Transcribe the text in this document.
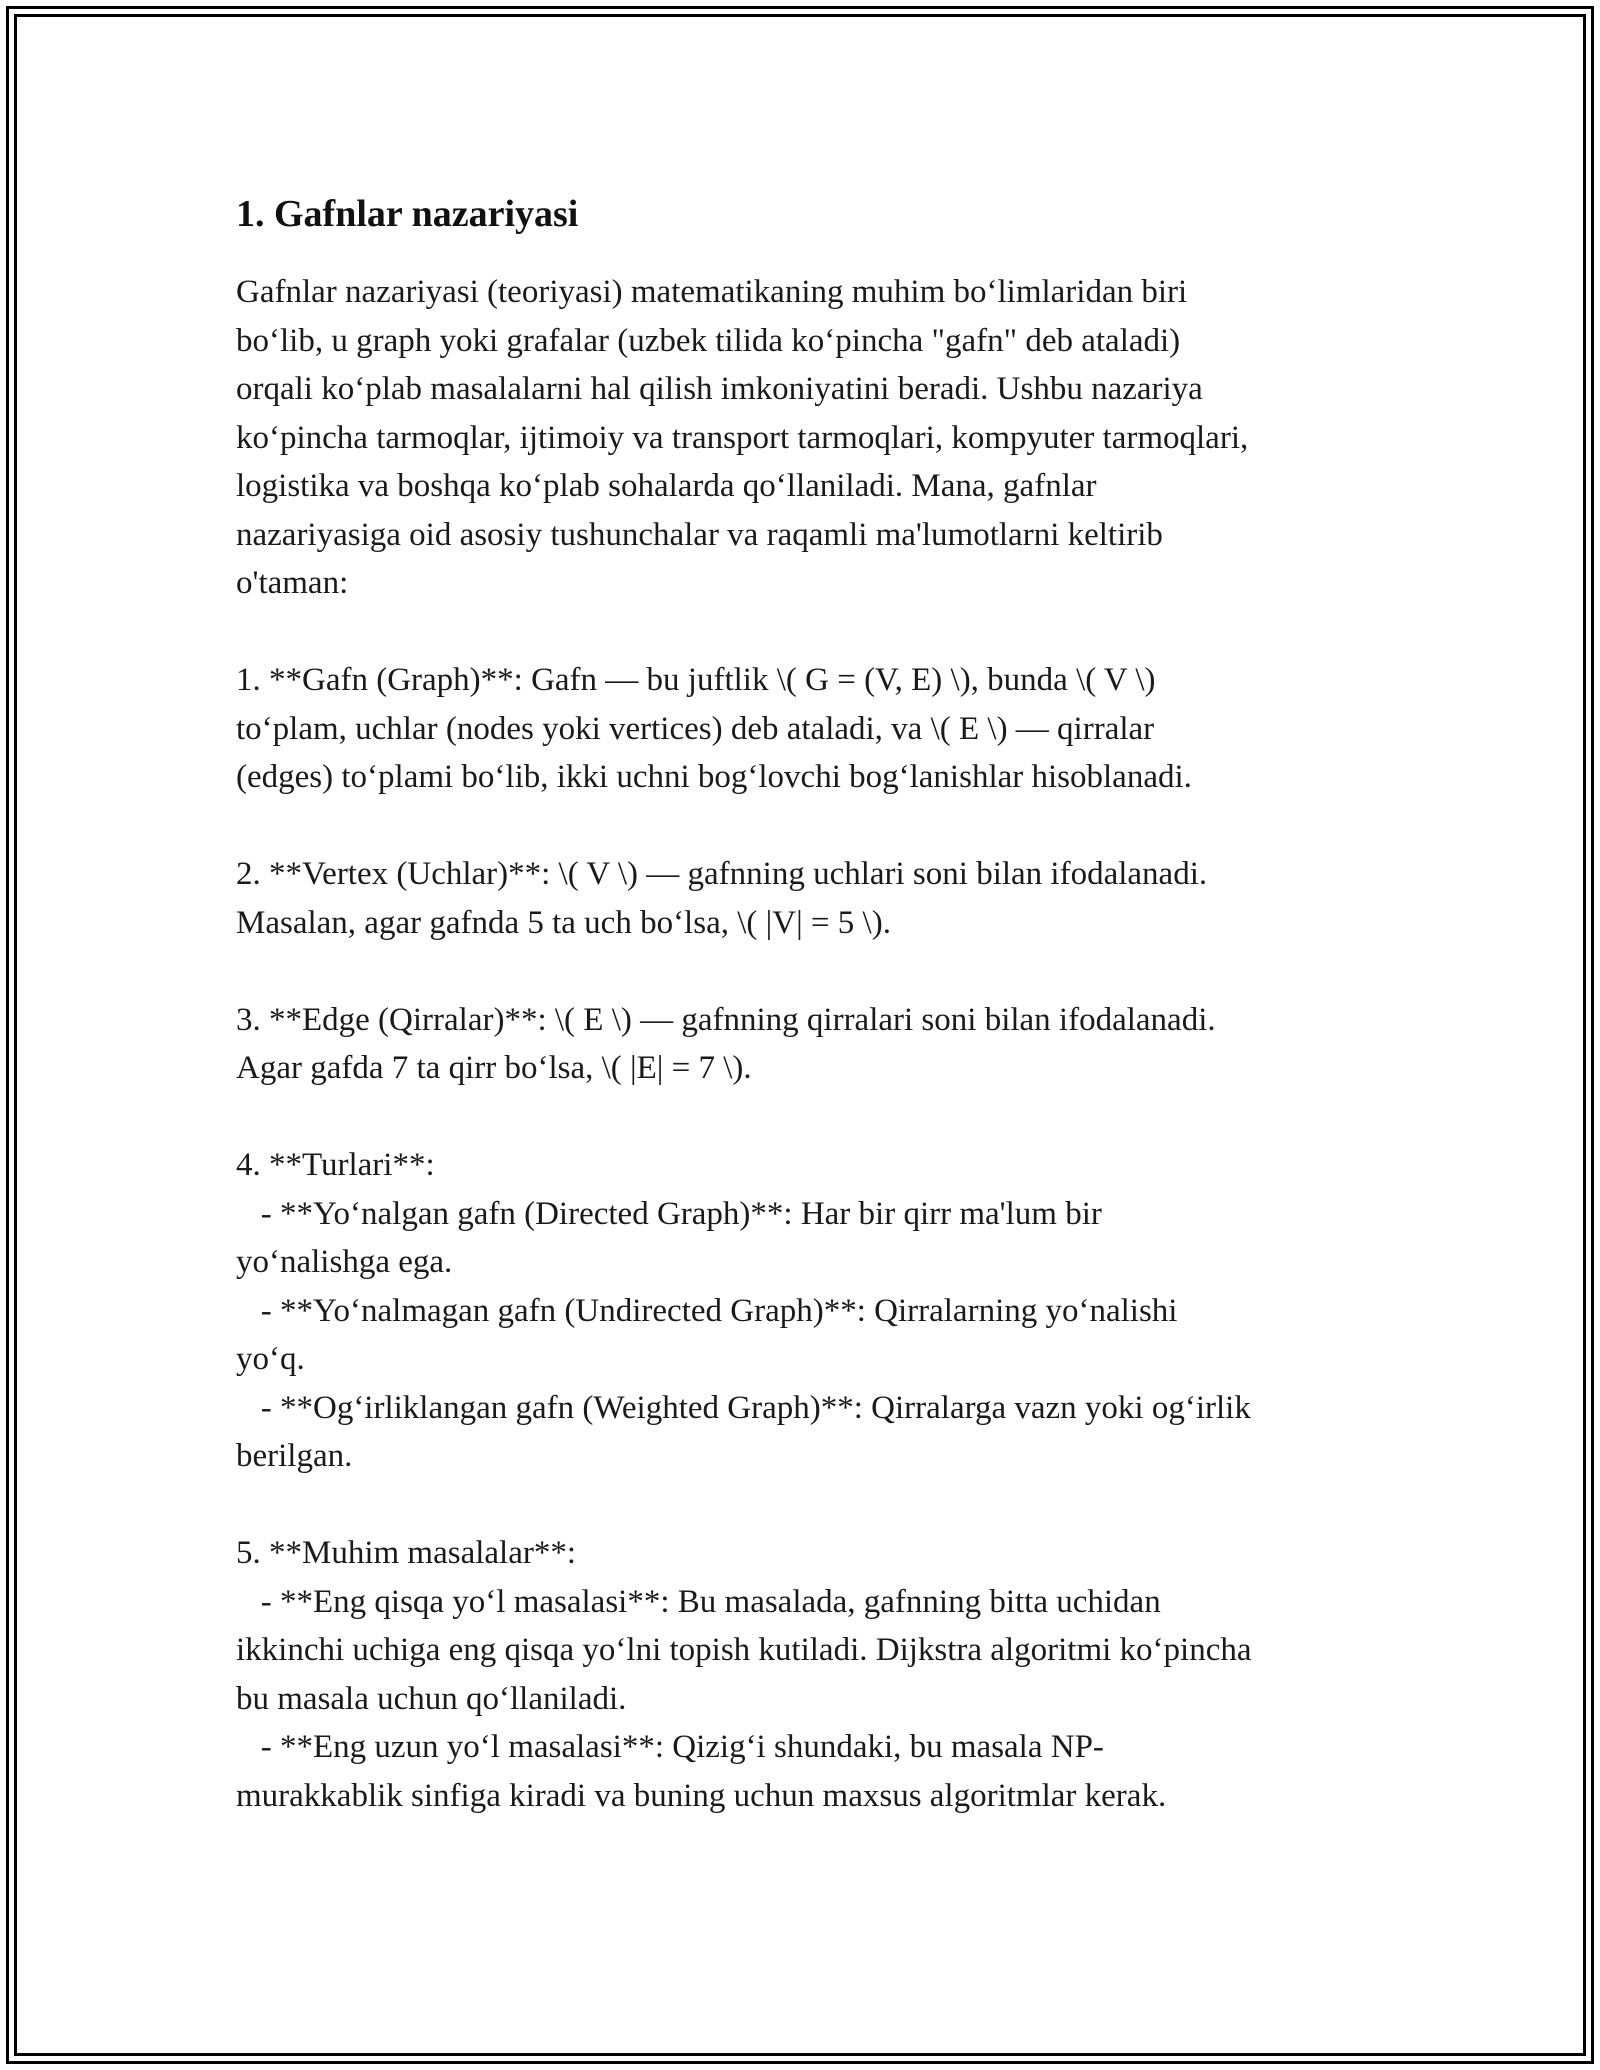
1. Gafnlar nazariyasi

Gafnlar nazariyasi (teoriyasi) matematikaning muhim bo‘limlaridan biri
bo‘lib, u graph yoki grafalar (uzbek tilida ko‘pincha "gafn" deb ataladi)
orqali ko‘plab masalalarni hal qilish imkoniyatini beradi. Ushbu nazariya
ko‘pincha tarmoqlar, ijtimoiy va transport tarmoqlari, kompyuter tarmoqlari,
logistika va boshqa ko‘plab sohalarda qo‘llaniladi. Mana, gafnlar
nazariyasiga oid asosiy tushunchalar va raqamli ma'lumotlarni keltirib
o'taman:

1. **Gafn (Graph)**: Gafn — bu juftlik \( G = (V, E) \), bunda \( V \)
to‘plam, uchlar (nodes yoki vertices) deb ataladi, va \( E \) — qirralar
(edges) to‘plami bo‘lib, ikki uchni bog‘lovchi bog‘lanishlar hisoblanadi.

2. **Vertex (Uchlar)**: \( V \) — gafnning uchlari soni bilan ifodalanadi.
Masalan, agar gafnda 5 ta uch bo‘lsa, \( |V| = 5 \).

3. **Edge (Qirralar)**: \( E \) — gafnning qirralari soni bilan ifodalanadi.
Agar gafda 7 ta qirr bo‘lsa, \( |E| = 7 \).

4. **Turlari**:
- **Yo‘nalgan gafn (Directed Graph)**: Har bir qirr ma'lum bir
yo‘nalishga ega.
- **Yo‘nalmagan gafn (Undirected Graph)**: Qirralarning yo‘nalishi
yo‘q.
- **Og‘irliklangan gafn (Weighted Graph)**: Qirralarga vazn yoki og‘irlik
berilgan.

5. **Muhim masalalar**:
- **Eng qisqa yo‘l masalasi**: Bu masalada, gafnning bitta uchidan
ikkinchi uchiga eng qisqa yo‘lni topish kutiladi. Dijkstra algoritmi ko‘pincha
bu masala uchun qo‘llaniladi.
- **Eng uzun yo‘l masalasi**: Qizig‘i shundaki, bu masala NP-
murakkablik sinfiga kiradi va buning uchun maxsus algoritmlar kerak.
